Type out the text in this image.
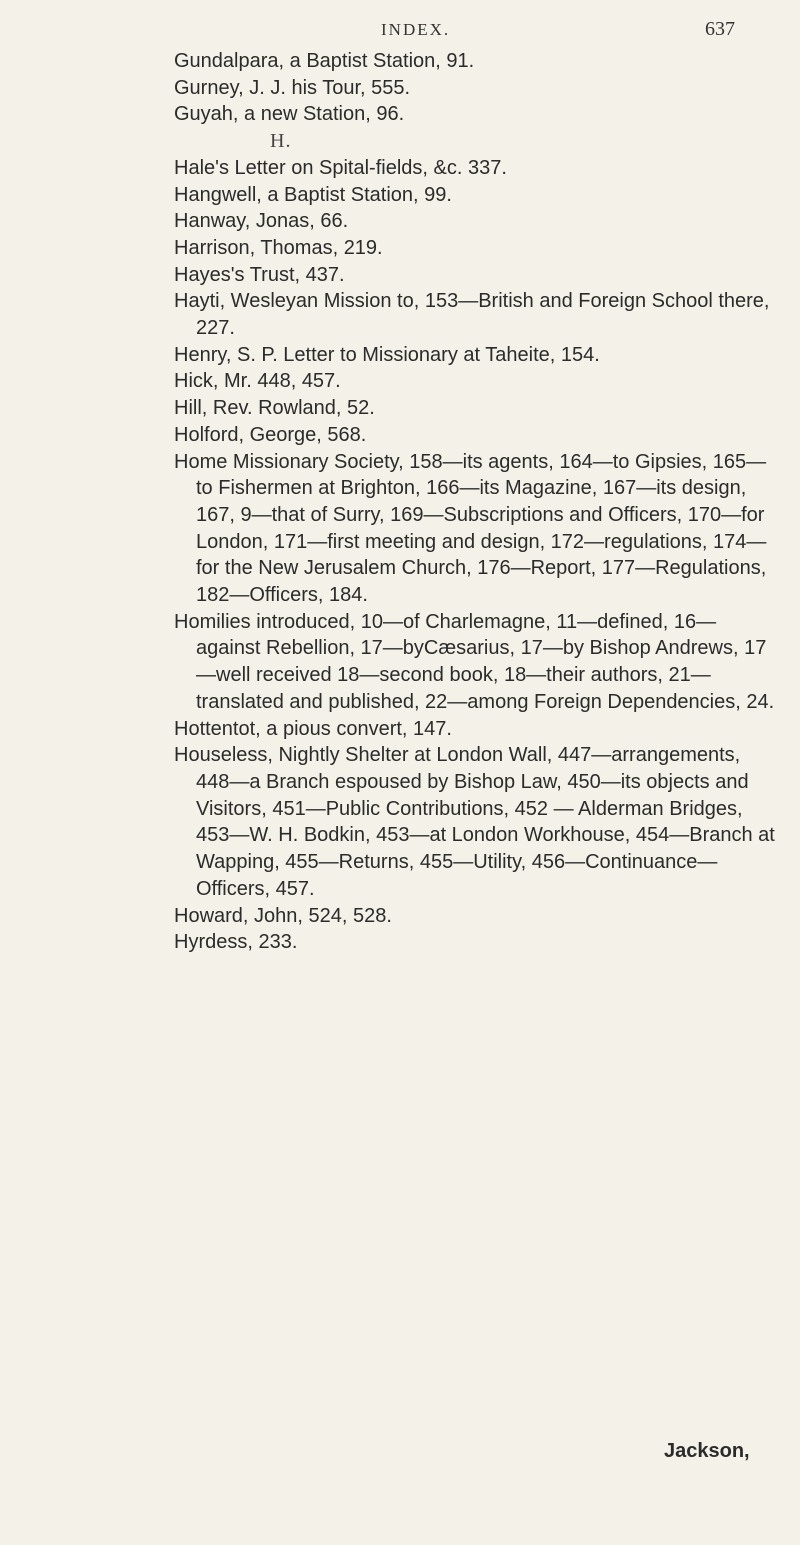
INDEX.	637

Gundalpara, a Baptist Station, 91.

Gurney, J. J. his Tour, 555.

Guyah, a new Station, 96.

H.

Hale's Letter on Spital-fields, &c. 337.

Hangwell, a Baptist Station, 99.

Hanway, Jonas, 66.

Harrison, Thomas, 219.

Hayes's Trust, 437.

Hayti, Wesleyan Mission to, 153—British and Foreign School there, 227.

Henry, S. P. Letter to Missionary at Taheite, 154.

Hick, Mr. 448, 457.

Hill, Rev. Rowland, 52.

Holford, George, 568.

Home Missionary Society, 158—its agents, 164—to Gipsies, 165—to Fishermen at Brighton, 166—its Magazine, 167—its design, 167, 9—that of Surry, 169—Subscriptions and Officers, 170—for London, 171—first meeting and design, 172—regulations, 174—for the New Jerusalem Church, 176—Report, 177—Regulations, 182—Officers, 184.

Homilies introduced, 10—of Charlemagne, 11—defined, 16—against Rebellion, 17—byCæsarius, 17—by Bishop Andrews, 17—well received 18—second book, 18—their authors, 21—translated and published, 22—among Foreign Dependencies, 24.

Hottentot, a pious convert, 147.

Houseless, Nightly Shelter at London Wall, 447—arrangements, 448—a Branch espoused by Bishop Law, 450—its objects and Visitors, 451—Public Contributions, 452 — Alderman Bridges, 453—W. H. Bodkin, 453—at London Workhouse, 454—Branch at Wapping, 455—Returns, 455—Utility, 456—Continuance—Officers, 457.

Howard, John, 524, 528.

Hyrdess, 233.

Jackson,
